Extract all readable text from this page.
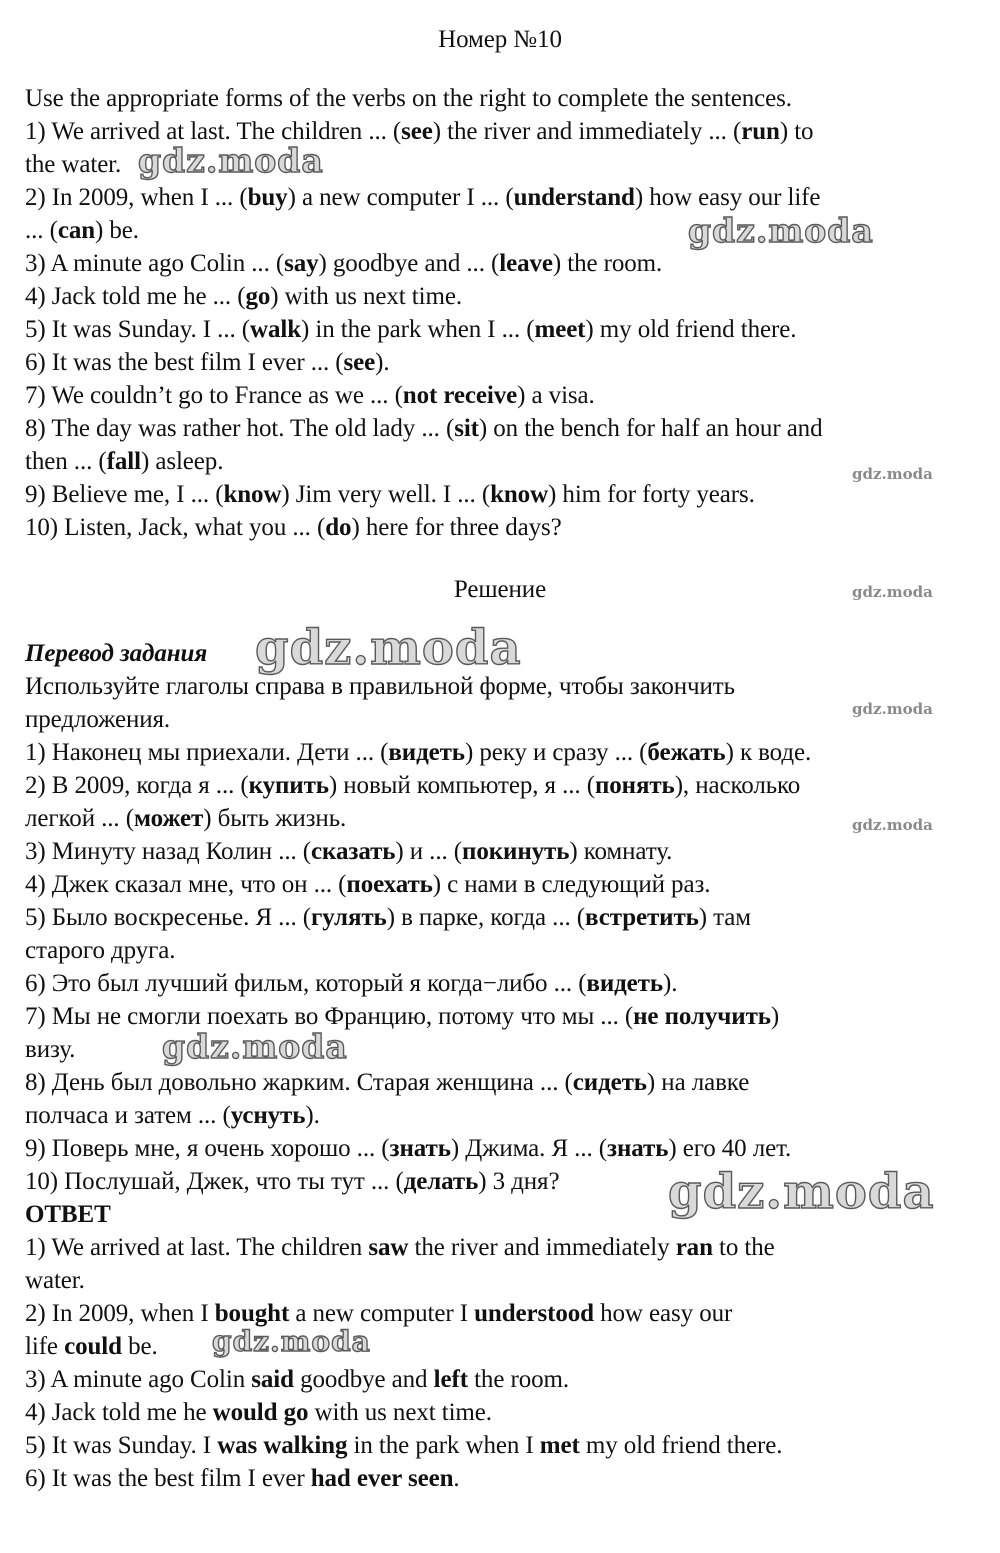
Номер №10
Use the appropriate forms of the verbs on the right to complete the sentences.
1) We arrived at last. The children ... (see) the river and immediately ... (run) to
the water.
2) In 2009, when I ... (buy) a new computer I ... (understand) how easy our life
... (can) be.
3) A minute ago Colin ... (say) goodbye and ... (leave) the room.
4) Jack told me he ... (go) with us next time.
5) It was Sunday. I ... (walk) in the park when I ... (meet) my old friend there.
6) It was the best film I ever ... (see).
7) We couldn’t go to France as we ... (not receive) a visa.
8) The day was rather hot. The old lady ... (sit) on the bench for half an hour and
then ... (fall) asleep.
9) Believe me, I ... (know) Jim very well. I ... (know) him for forty years.
10) Listen, Jack, what you ... (do) here for three days?
Решение
Перевод задания
Используйте глаголы справа в правильной форме, чтобы закончить
предложения.
1) Наконец мы приехали. Дети ... (видеть) реку и сразу ... (бежать) к воде.
2) В 2009, когда я ... (купить) новый компьютер, я ... (понять), насколько
легкой ... (может) быть жизнь.
3) Минуту назад Колин ... (сказать) и ... (покинуть) комнату.
4) Джек сказал мне, что он ... (поехать) с нами в следующий раз.
5) Было воскресенье. Я ... (гулять) в парке, когда ... (встретить) там
старого друга.
6) Это был лучший фильм, который я когда−либо ... (видеть).
7) Мы не смогли поехать во Францию, потому что мы ... (не получить)
визу.
8) День был довольно жарким. Старая женщина ... (сидеть) на лавке
полчаса и затем ... (уснуть).
9) Поверь мне, я очень хорошо ... (знать) Джима. Я ... (знать) его 40 лет.
10) Послушай, Джек, что ты тут ... (делать) 3 дня?
ОТВЕТ
1) We arrived at last. The children saw the river and immediately ran to the
water.
2) In 2009, when I bought a new computer I understood how easy our
life could be.
3) A minute ago Colin said goodbye and left the room.
4) Jack told me he would go with us next time.
5) It was Sunday. I was walking in the park when I met my old friend there.
6) It was the best film I ever had ever seen.
gdz.moda
gdz.moda
gdz.moda
gdz.moda
gdz.moda
gdz.moda
gdz.moda
gdz.moda
gdz.moda
gdz.moda
